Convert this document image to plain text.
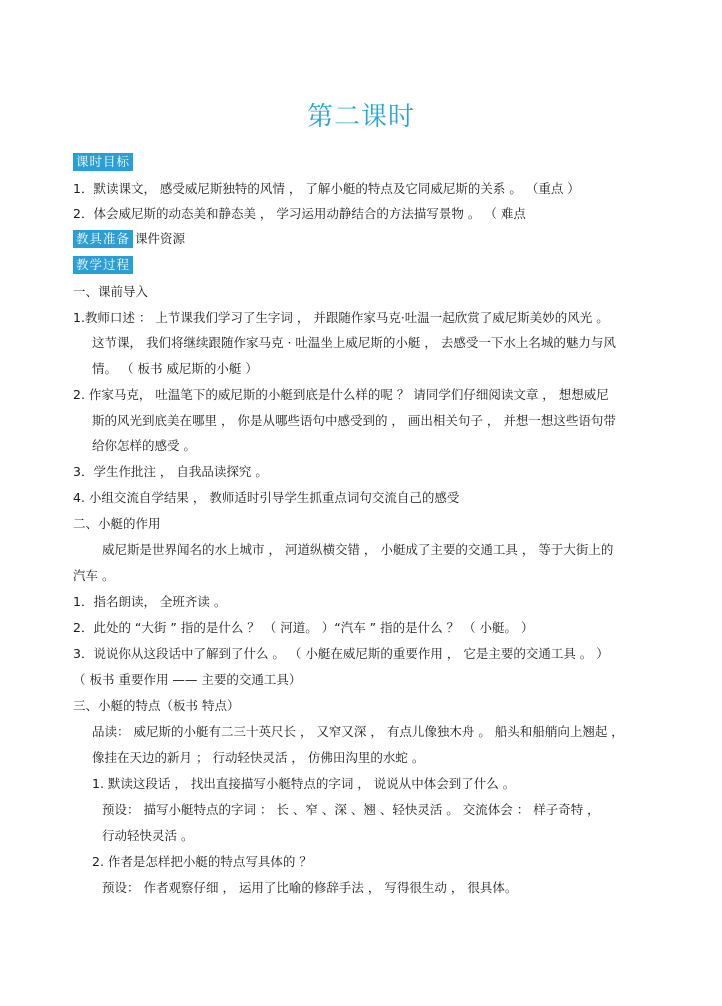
第二课时
课时目标
1．默读课文， 感受威尼斯独特的风情 ， 了解小艇的特点及它同威尼斯的关系 。 （重点 ）
2．体会威尼斯的动态美和静态美 ， 学习运用动静结合的方法描写景物 。 （ 难点
教具准备 课件资源
教学过程
一、课前导入
1.教师口述 ： 上节课我们学习了生字词 ， 并跟随作家马克·吐温一起欣赏了威尼斯美妙的风光 。
这节课， 我们将继续跟随作家马克 · 吐温坐上威尼斯的小艇 ， 去感受一下水上名城的魅力与风
情。 （ 板书 威尼斯的小艇 ）
2. 作家马克， 吐温笔下的威尼斯的小艇到底是什么样的呢 ？ 请同学们仔细阅读文章 ， 想想威尼
斯的风光到底美在哪里 ， 你是从哪些语句中感受到的 ， 画出相关句子 ， 并想一想这些语句带
给你怎样的感受 。
3．学生作批注 ， 自我品读探究 。
4. 小组交流自学结果 ， 教师适时引导学生抓重点词句交流自己的感受
二、小艇的作用
威尼斯是世界闻名的水上城市 ， 河道纵横交错 ， 小艇成了主要的交通工具 ， 等于大街上的
汽车 。
1．指名朗读， 全班齐读 。
2．此处的 “大街 ” 指的是什么 ？ （ 河道。 ）“汽车 ” 指的是什么 ？ （ 小艇。 ）
3．说说你从这段话中了解到了什么 。 （ 小艇在威尼斯的重要作用 ， 它是主要的交通工具 。 ）
（ 板书 重要作用 —— 主要的交通工具）
三、小艇的特点（板书 特点）
品读： 威尼斯的小艇有二三十英尺长 ， 又窄又深 ， 有点儿像独木舟 。 船头和船艄向上翘起 ，
像挂在天边的新月 ； 行动轻快灵活 ， 仿佛田沟里的水蛇 。
1. 默读这段话 ， 找出直接描写小艇特点的字词 ， 说说从中体会到了什么 。
预设： 描写小艇特点的字词 ： 长 、窄 、深 、翘 、轻快灵活 。 交流体会 ： 样子奇特 ，
行动轻快灵活 。
2. 作者是怎样把小艇的特点写具体的 ？
预设： 作者观察仔细 ， 运用了比喻的修辞手法 ， 写得很生动 ， 很具体。
